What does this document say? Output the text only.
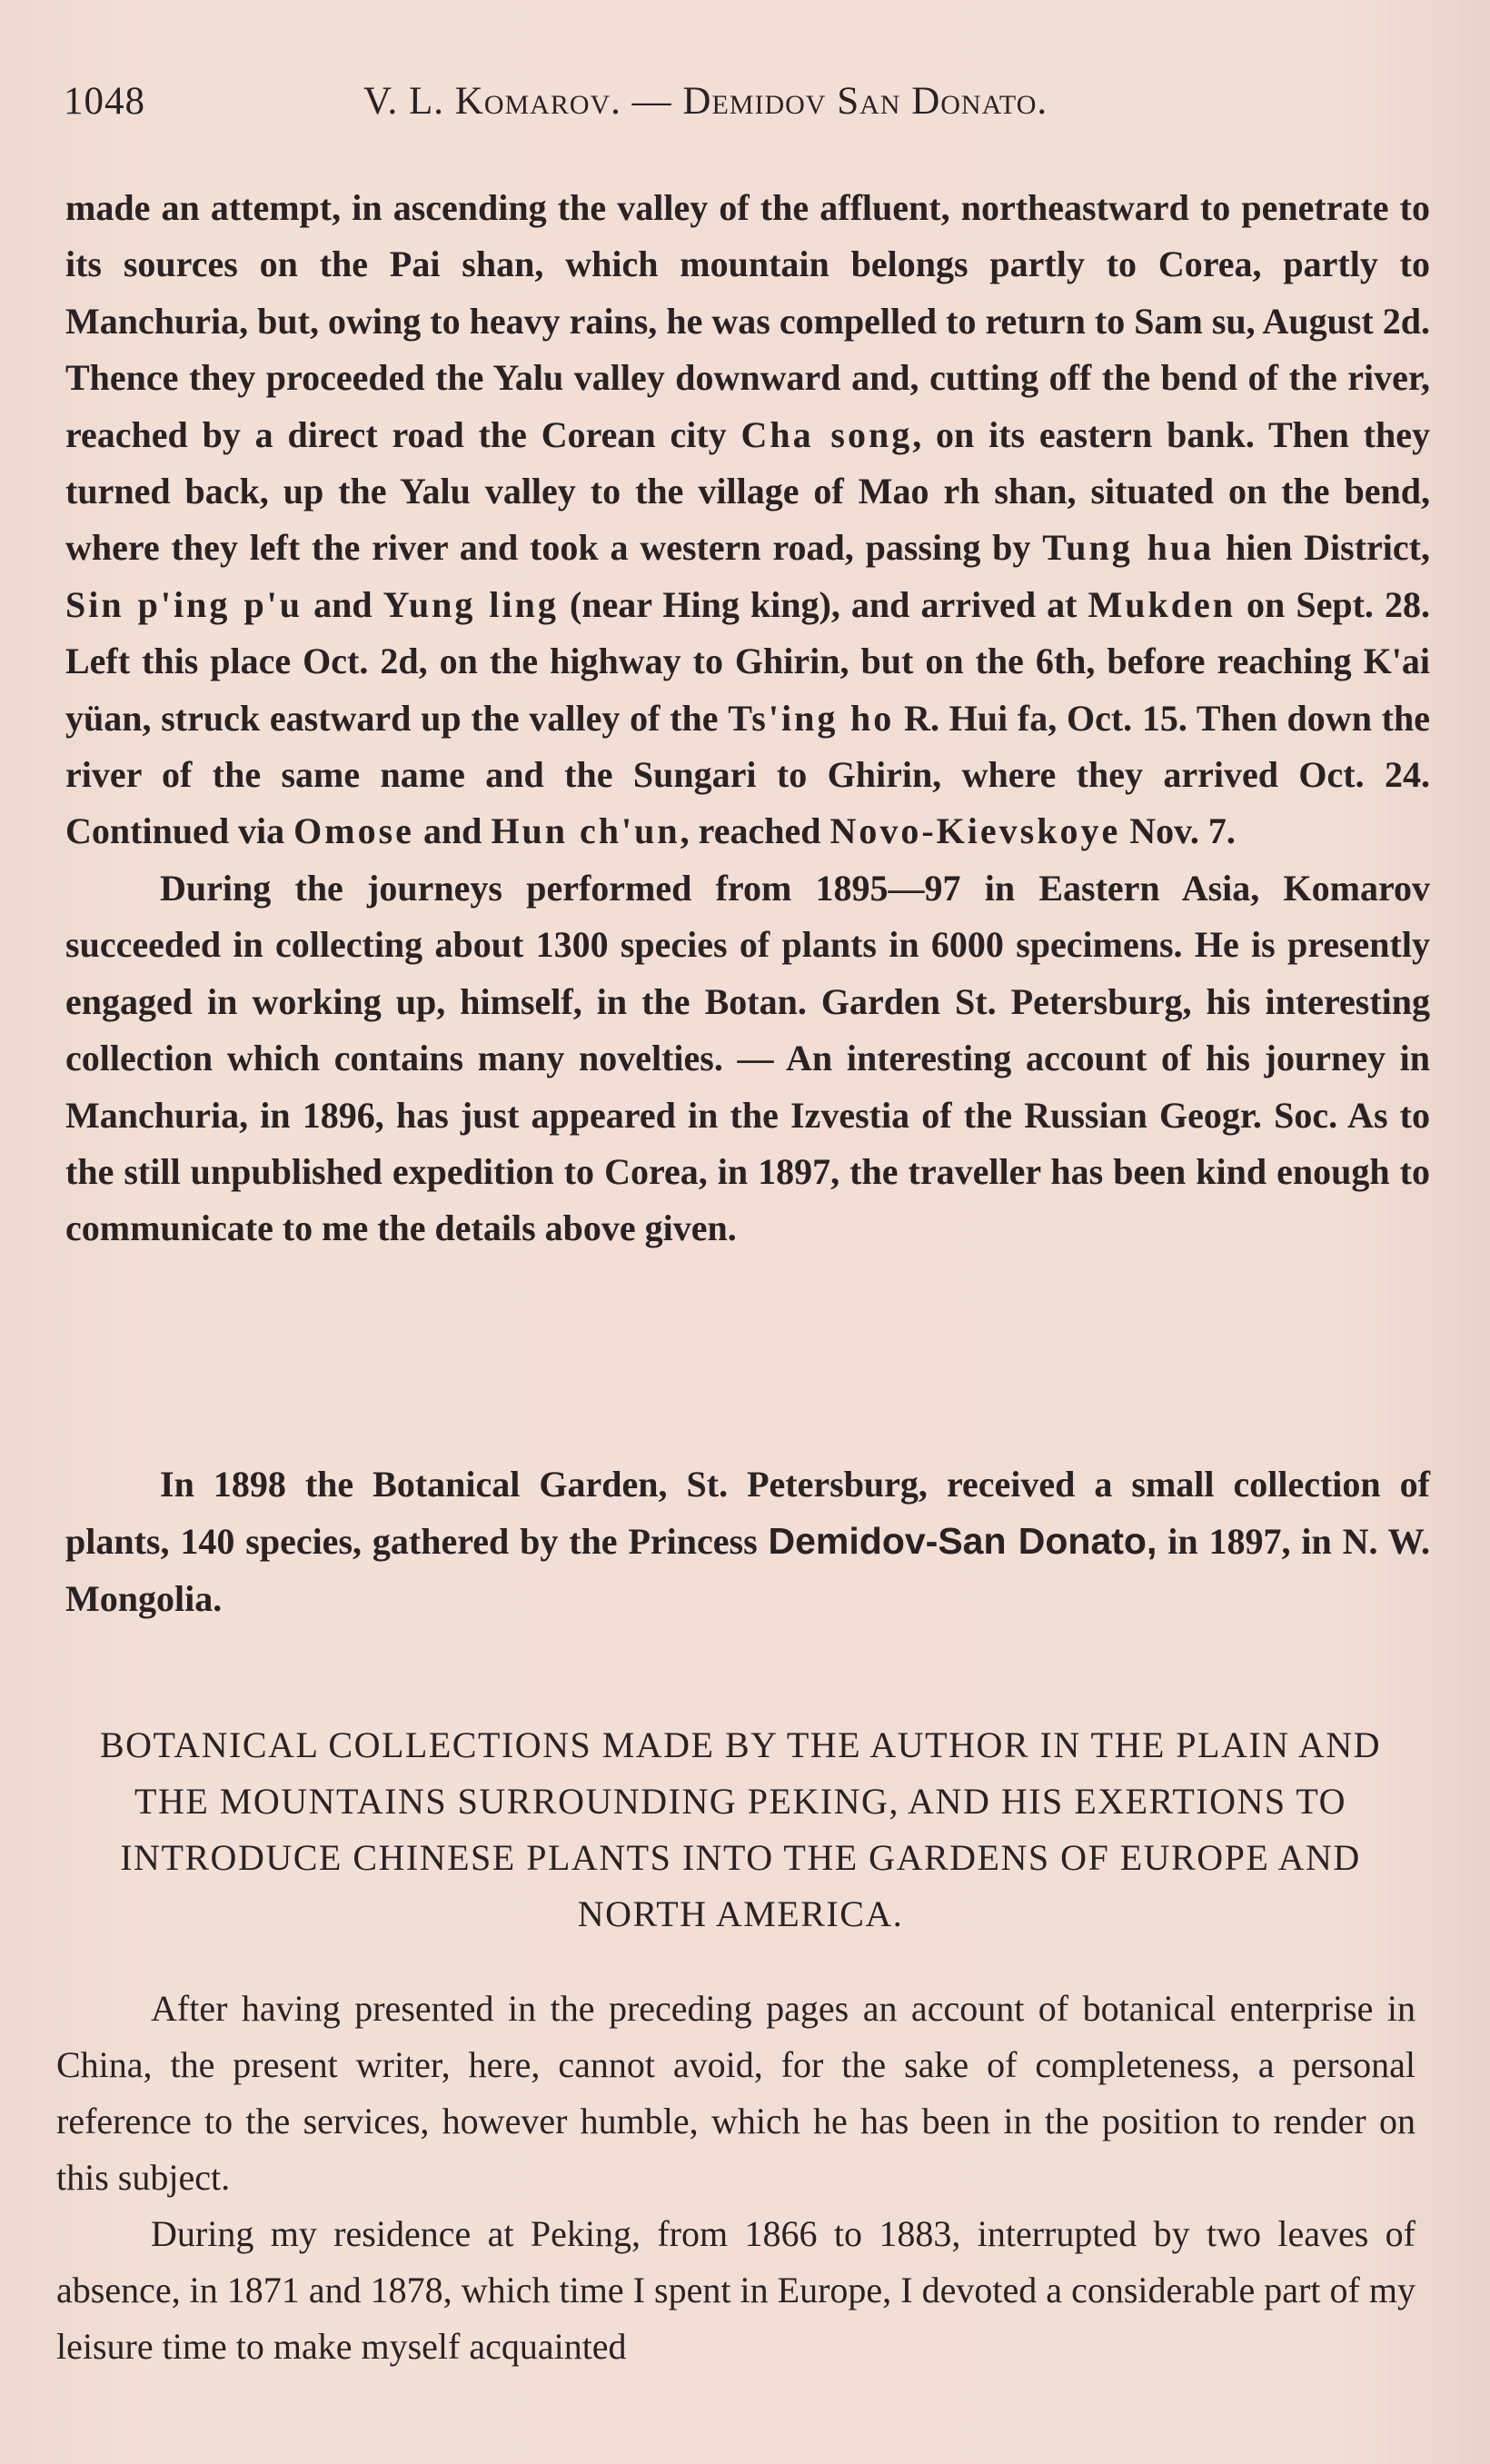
1048	V. L. Komarov. — Demidov San Donato.

made an attempt, in ascending the valley of the affluent, northeastward to penetrate to its sources on the Pai shan, which mountain belongs partly to Corea, partly to Manchuria, but, owing to heavy rains, he was compelled to return to Sam su, August 2d. Thence they proceeded the Yalu valley downward and, cutting off the bend of the river, reached by a direct road the Corean city Cha song, on its eastern bank. Then they turned back, up the Yalu valley to the village of Mao rh shan, situated on the bend, where they left the river and took a western road, passing by Tung hua hien District, Sin p'ing p'u and Yung ling (near Hing king), and arrived at Mukden on Sept. 28. Left this place Oct. 2d, on the highway to Ghirin, but on the 6th, before reaching K'ai yüan, struck eastward up the valley of the Ts'ing ho R. Hui fa, Oct. 15. Then down the river of the same name and the Sungari to Ghirin, where they arrived Oct. 24. Continued via Omose and Hun ch'un, reached Novo-Kievskoye Nov. 7.

During the journeys performed from 1895—97 in Eastern Asia, Komarov succeeded in collecting about 1300 species of plants in 6000 specimens. He is presently engaged in working up, himself, in the Botan. Garden St. Petersburg, his interesting collection which contains many novelties. — An interesting account of his journey in Manchuria, in 1896, has just appeared in the Izvestia of the Russian Geogr. Soc. As to the still unpublished expedition to Corea, in 1897, the traveller has been kind enough to communicate to me the details above given.

In 1898 the Botanical Garden, St. Petersburg, received a small collection of plants, 140 species, gathered by the Princess Demidov-San Donato, in 1897, in N. W. Mongolia.

BOTANICAL COLLECTIONS MADE BY THE AUTHOR IN THE PLAIN AND THE MOUNTAINS SURROUNDING PEKING, AND HIS EXERTIONS TO INTRODUCE CHINESE PLANTS INTO THE GARDENS OF EUROPE AND NORTH AMERICA.

After having presented in the preceding pages an account of botanical enterprise in China, the present writer, here, cannot avoid, for the sake of completeness, a personal reference to the services, however humble, which he has been in the position to render on this subject.

During my residence at Peking, from 1866 to 1883, interrupted by two leaves of absence, in 1871 and 1878, which time I spent in Europe, I devoted a considerable part of my leisure time to make myself acquainted
